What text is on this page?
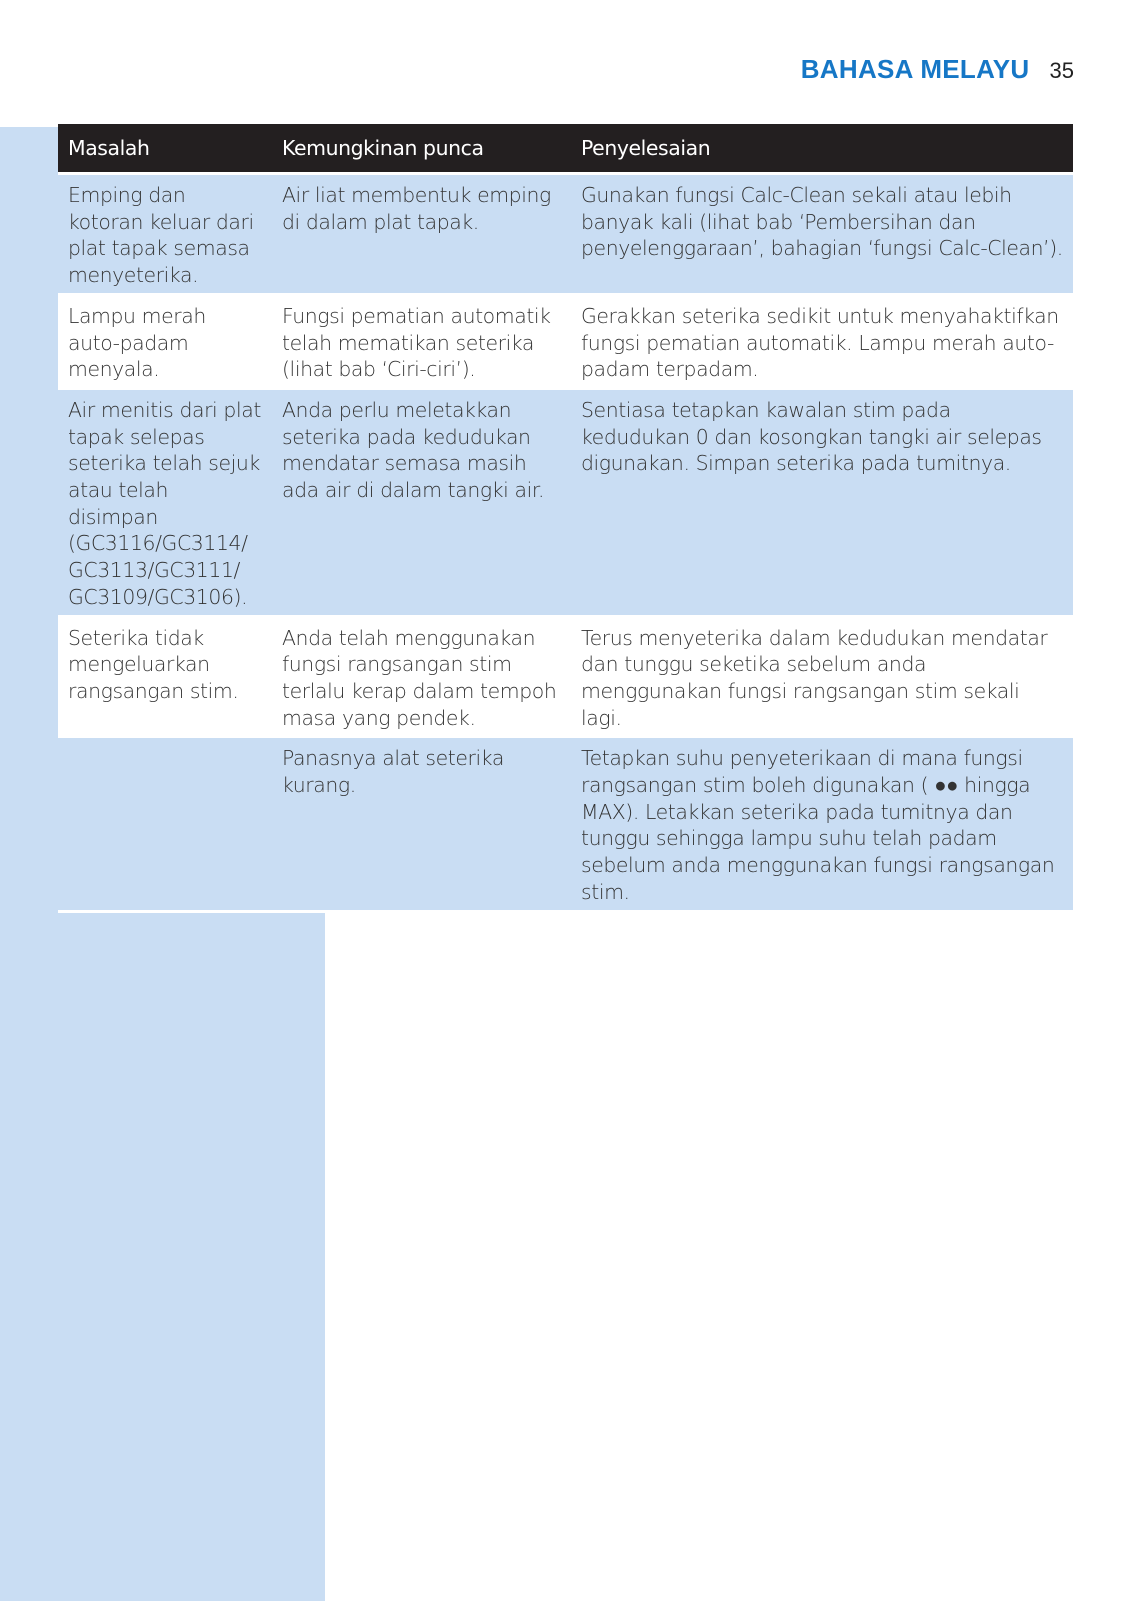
BAHASA MELAYU 35
Masalah	Kemungkinan punca	Penyelesaian
Emping dan kotoran keluar dari plat tapak semasa menyeterika.	Air liat membentuk emping di dalam plat tapak.	Gunakan fungsi Calc-Clean sekali atau lebih banyak kali (lihat bab ‘Pembersihan dan penyelenggaraan’, bahagian ‘fungsi Calc-Clean’).
Lampu merah auto-padam menyala.	Fungsi pematian automatik telah mematikan seterika (lihat bab ‘Ciri-ciri’).	Gerakkan seterika sedikit untuk menyahaktifkan fungsi pematian automatik. Lampu merah auto-padam terpadam.
Air menitis dari plat tapak selepas seterika telah sejuk atau telah disimpan (GC3116/GC3114/ GC3113/GC3111/ GC3109/GC3106).	Anda perlu meletakkan seterika pada kedudukan mendatar semasa masih ada air di dalam tangki air.	Sentiasa tetapkan kawalan stim pada kedudukan 0 dan kosongkan tangki air selepas digunakan. Simpan seterika pada tumitnya.
Seterika tidak mengeluarkan rangsangan stim.	Anda telah menggunakan fungsi rangsangan stim terlalu kerap dalam tempoh masa yang pendek.	Terus menyeterika dalam kedudukan mendatar dan tunggu seketika sebelum anda menggunakan fungsi rangsangan stim sekali lagi.
	Panasnya alat seterika kurang.	Tetapkan suhu penyeterikaan di mana fungsi rangsangan stim boleh digunakan ( ●● hingga MAX). Letakkan seterika pada tumitnya dan tunggu sehingga lampu suhu telah padam sebelum anda menggunakan fungsi rangsangan stim.
